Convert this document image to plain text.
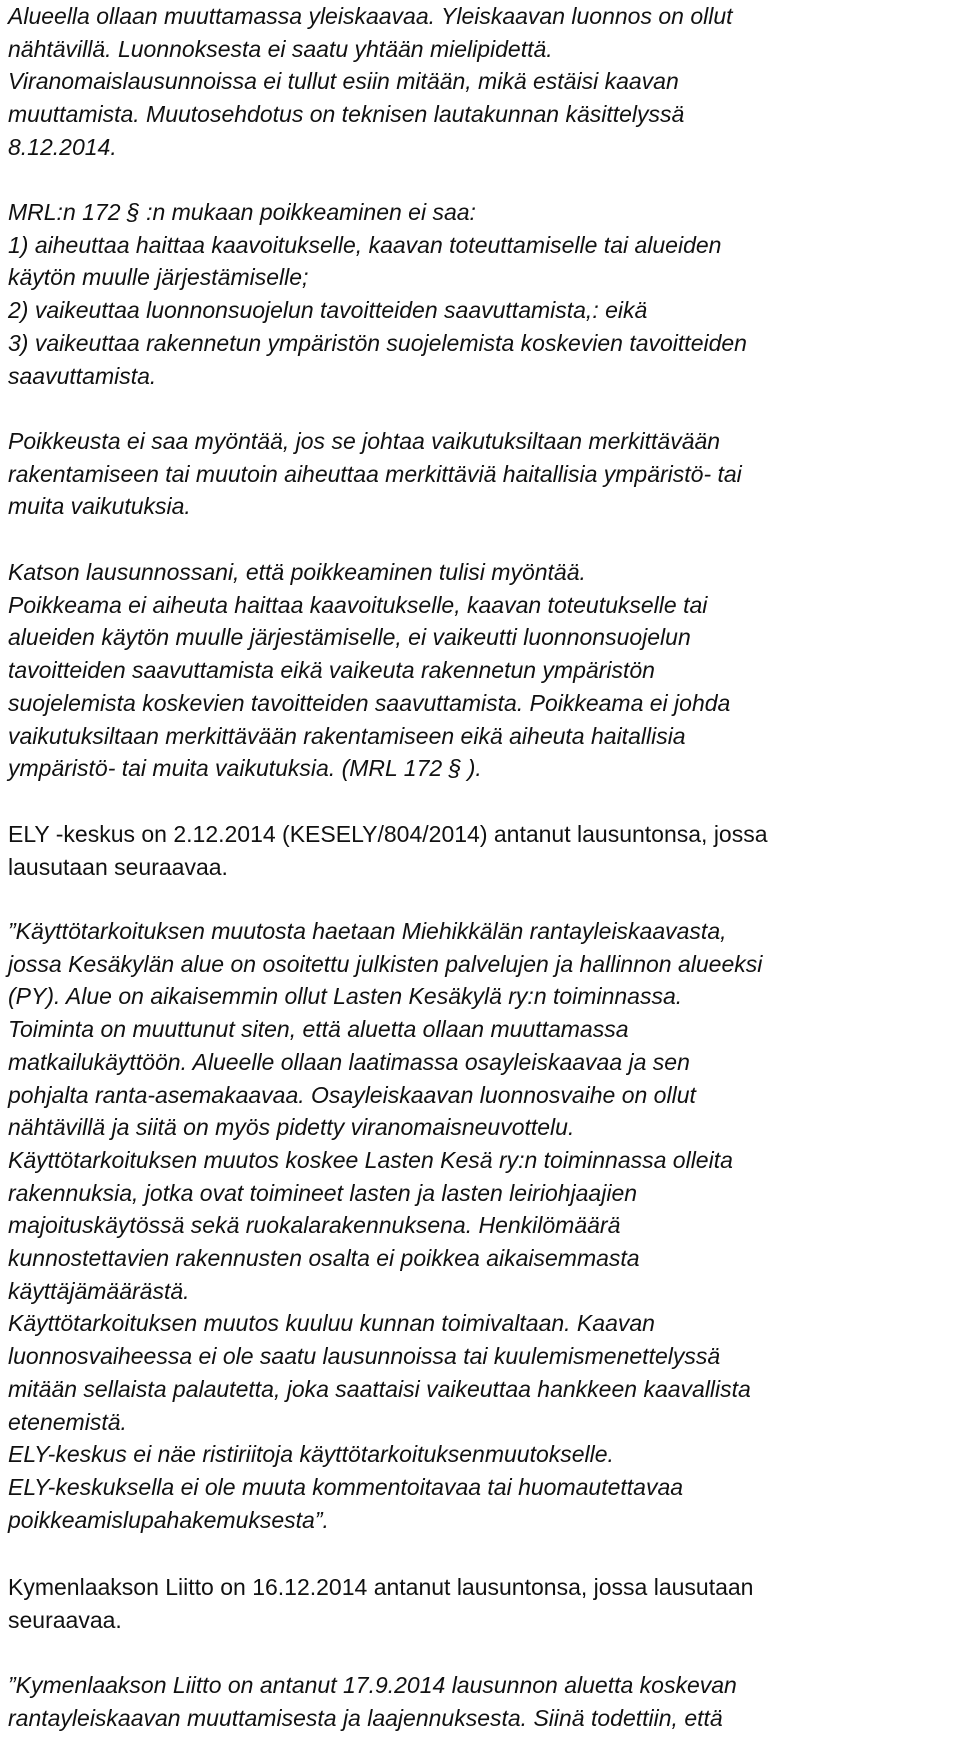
Alueella ollaan muuttamassa yleiskaavaa. Yleiskaavan luonnos on ollut
nähtävillä. Luonnoksesta ei saatu yhtään mielipidettä.
Viranomaislausunnoissa ei tullut esiin mitään, mikä estäisi kaavan
muuttamista. Muutosehdotus on teknisen lautakunnan käsittelyssä
8.12.2014.
MRL:n 172 § :n mukaan poikkeaminen ei saa:
1) aiheuttaa haittaa kaavoitukselle, kaavan toteuttamiselle tai alueiden
käytön muulle järjestämiselle;
2) vaikeuttaa luonnonsuojelun tavoitteiden saavuttamista,: eikä
3) vaikeuttaa rakennetun ympäristön suojelemista koskevien tavoitteiden
saavuttamista.
Poikkeusta ei saa myöntää, jos se johtaa vaikutuksiltaan merkittävään
rakentamiseen tai muutoin aiheuttaa merkittäviä haitallisia ympäristö- tai
muita vaikutuksia.
Katson lausunnossani, että poikkeaminen tulisi myöntää.
Poikkeama ei aiheuta haittaa kaavoitukselle, kaavan toteutukselle tai
alueiden käytön muulle järjestämiselle, ei vaikeutti luonnonsuojelun
tavoitteiden saavuttamista eikä vaikeuta rakennetun ympäristön
suojelemista koskevien tavoitteiden saavuttamista. Poikkeama ei johda
vaikutuksiltaan merkittävään rakentamiseen eikä aiheuta haitallisia
ympäristö- tai muita vaikutuksia. (MRL 172 § ).
ELY -keskus on 2.12.2014 (KESELY/804/2014) antanut lausuntonsa, jossa
lausutaan seuraavaa.
”Käyttötarkoituksen muutosta haetaan Miehikkälän rantayleiskaavasta,
jossa Kesäkylän alue on osoitettu julkisten palvelujen ja hallinnon alueeksi
(PY). Alue on aikaisemmin ollut Lasten Kesäkylä ry:n toiminnassa.
Toiminta on muuttunut siten, että aluetta ollaan muuttamassa
matkailukäyttöön. Alueelle ollaan laatimassa osayleiskaavaa ja sen
pohjalta ranta-asemakaavaa. Osayleiskaavan luonnosvaihe on ollut
nähtävillä ja siitä on myös pidetty viranomaisneuvottelu.
Käyttötarkoituksen muutos koskee Lasten Kesä ry:n toiminnassa olleita
rakennuksia, jotka ovat toimineet lasten ja lasten leiriohjaajien
majoituskäytössä sekä ruokalarakennuksena. Henkilömäärä
kunnostettavien rakennusten osalta ei poikkea aikaisemmasta
käyttäjämäärästä.
Käyttötarkoituksen muutos kuuluu kunnan toimivaltaan. Kaavan
luonnosvaiheessa ei ole saatu lausunnoissa tai kuulemismenettelyssä
mitään sellaista palautetta, joka saattaisi vaikeuttaa hankkeen kaavallista
etenemistä.
ELY-keskus ei näe ristiriitoja käyttötarkoituksenmuutokselle.
ELY-keskuksella ei ole muuta kommentoitavaa tai huomautettavaa
poikkeamislupahakemuksesta”.
Kymenlaakson Liitto on 16.12.2014 antanut lausuntonsa, jossa lausutaan
seuraavaa.
”Kymenlaakson Liitto on antanut 17.9.2014 lausunnon aluetta koskevan
rantayleiskaavan muuttamisesta ja laajennuksesta. Siinä todettiin, että
